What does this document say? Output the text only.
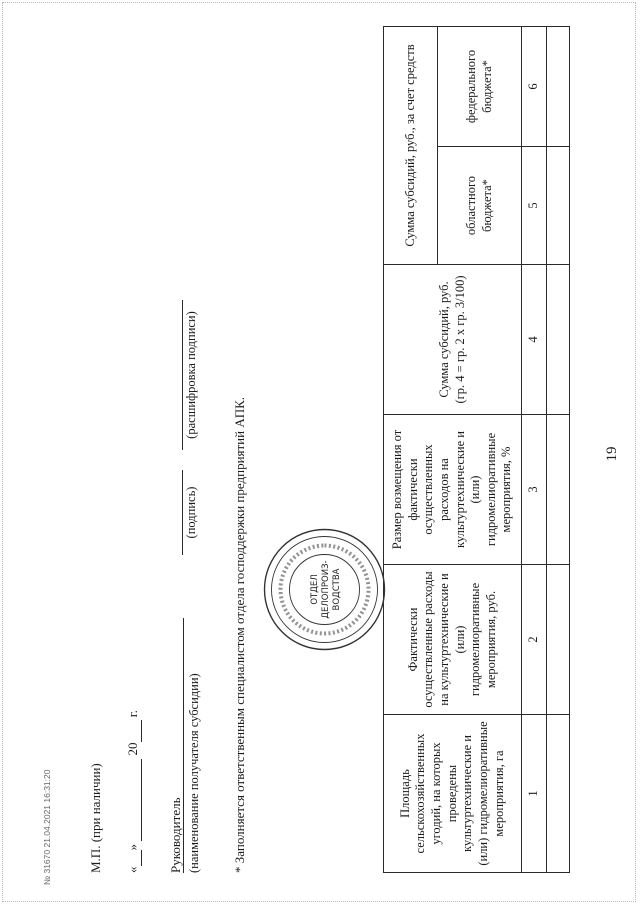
19
Площадь сельскохозяйственных угодий, на которых проведены культуртехнические и (или) гидромелиоративные мероприятия, га	Фактически осуществленные расходы на культуртехнические и (или) гидромелиоративные мероприятия, руб.	Размер возмещения от фактически осуществленных расходов на культуртехнические и (или) гидромелиоративные мероприятия, %	Сумма субсидий, руб. (гр. 4 = гр. 2 x гр. 3/100)	Сумма субсидий, руб., за счет средств	
				областного бюджета*	федерального бюджета*
1	2	3	4	5	6

* Заполняется ответственным специалистом отдела господдержки предприятий АПК.
Руководитель (наименование получателя субсидии)
(подпись)
(расшифровка подписи)
« »   20  г.
М.П. (при наличии)
ОТДЕЛ ДЕЛОПРОИЗ- ВОДСТВА
№ 31670 21.04.2021 16:31:20
